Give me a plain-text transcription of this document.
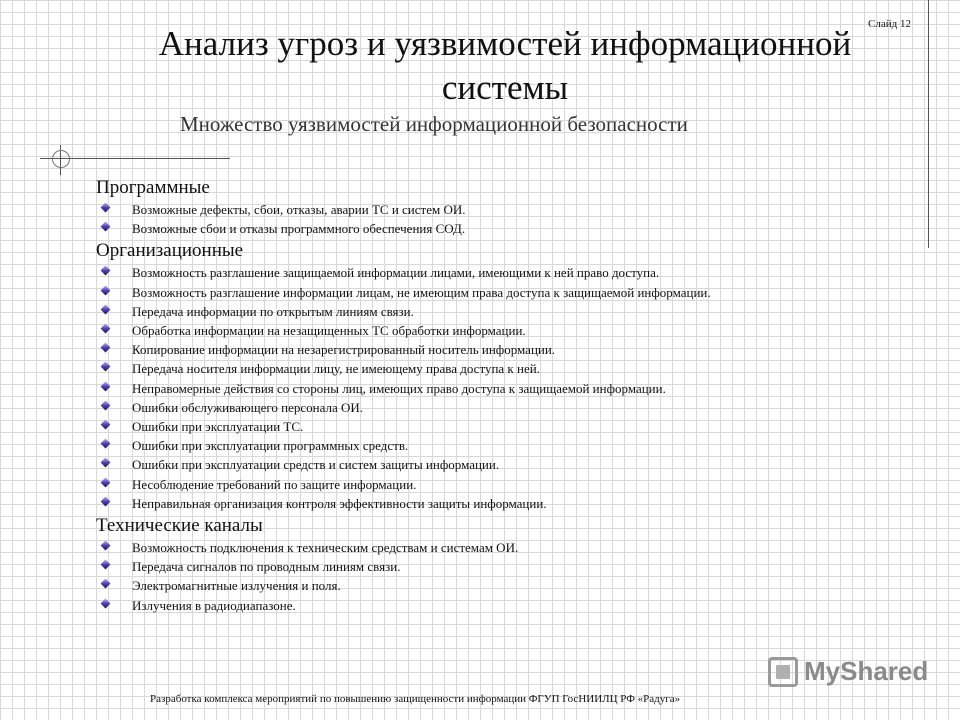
Слайд 12
Анализ угроз и уязвимостей информационной
системы
Множество уязвимостей информационной безопасности
Программные
Возможные дефекты, сбои, отказы, аварии ТС и систем ОИ.
Возможные сбои и отказы программного обеспечения СОД.
Организационные
Возможность разглашение защищаемой информации лицами, имеющими к ней право доступа.
Возможность разглашение информации лицам, не имеющим права доступа к защищаемой информации.
Передача информации по открытым линиям связи.
Обработка информации на незащищенных ТС обработки информации.
Копирование информации на незарегистрированный носитель информации.
Передача носителя информации лицу, не имеющему права доступа к ней.
Неправомерные действия со стороны лиц, имеющих право доступа к защищаемой информации.
Ошибки обслуживающего персонала ОИ.
Ошибки при эксплуатации ТС.
Ошибки при эксплуатации программных средств.
Ошибки при эксплуатации средств и систем защиты информации.
Несоблюдение требований по защите информации.
Неправильная организация контроля эффективности защиты информации.
Технические каналы
Возможность подключения к техническим средствам и системам ОИ.
Передача сигналов по проводным линиям связи.
Электромагнитные излучения и поля.
Излучения в радиодиапазоне.
MyShared
Разработка комплекса мероприятий по повышению защищенности информации ФГУП ГосНИИЛЦ РФ «Радуга»
